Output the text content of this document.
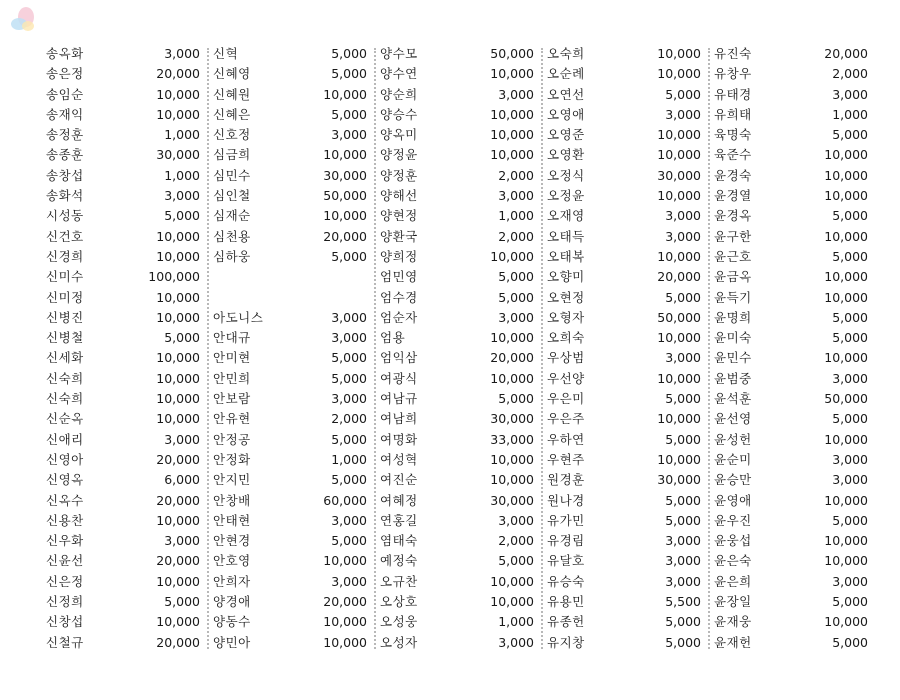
송옥화	3,000
송은정	20,000
송임순	10,000
송재익	10,000
송정훈	1,000
송종훈	30,000
송창섭	1,000
송화석	3,000
시성동	5,000
신건호	10,000
신경희	10,000
신미수	100,000
신미정	10,000
신병진	10,000
신병철	5,000
신세화	10,000
신숙희	10,000
신숙희	10,000
신순옥	10,000
신애리	3,000
신영아	20,000
신영옥	6,000
신옥수	20,000
신용찬	10,000
신우화	3,000
신윤선	20,000
신은정	10,000
신정희	5,000
신창섭	10,000
신철규	20,000
신혁	5,000
신혜영	5,000
신혜원	10,000
신혜은	5,000
신호정	3,000
심금희	10,000
심민수	30,000
심인철	50,000
심재순	10,000
심천용	20,000
심하웅	5,000
아도니스	3,000
안대규	3,000
안미현	5,000
안민희	5,000
안보람	3,000
안유현	2,000
안정공	5,000
안정화	1,000
안지민	5,000
안창배	60,000
안태현	3,000
안현경	5,000
안호영	10,000
안희자	3,000
양경애	20,000
양동수	10,000
양민아	10,000
양수모	50,000
양수연	10,000
양순희	3,000
양승수	10,000
양옥미	10,000
양정윤	10,000
양정훈	2,000
양해선	3,000
양현정	1,000
양환국	2,000
양희정	10,000
엄민영	5,000
엄수경	5,000
엄순자	3,000
엄용	10,000
엄익삼	20,000
여광식	10,000
여남규	5,000
여남희	30,000
여명화	33,000
여성혁	10,000
여진순	10,000
여혜정	30,000
연홍길	3,000
염태숙	2,000
예정숙	5,000
오규찬	10,000
오상호	10,000
오성웅	1,000
오성자	3,000
오숙희	10,000
오순례	10,000
오연선	5,000
오영애	3,000
오영준	10,000
오영환	10,000
오정식	30,000
오정윤	10,000
오재영	3,000
오태득	3,000
오태복	10,000
오향미	20,000
오현정	5,000
오형자	50,000
오희숙	10,000
우상범	3,000
우선양	10,000
우은미	5,000
우은주	10,000
우하연	5,000
우현주	10,000
원경훈	30,000
원나경	5,000
유가민	5,000
유경림	3,000
유달호	3,000
유승숙	3,000
유용민	5,500
유종헌	5,000
유지창	5,000
유진숙	20,000
유창우	2,000
유태경	3,000
유희태	1,000
육명숙	5,000
육준수	10,000
윤경숙	10,000
윤경열	10,000
윤경옥	5,000
윤구한	10,000
윤근호	5,000
윤금옥	10,000
윤득기	10,000
윤명희	5,000
윤미숙	5,000
윤민수	10,000
윤범중	3,000
윤석훈	50,000
윤선영	5,000
윤성헌	10,000
윤순미	3,000
윤승만	3,000
윤영애	10,000
윤우진	5,000
윤웅섭	10,000
윤은숙	10,000
윤은희	3,000
윤장일	5,000
윤재웅	10,000
윤재헌	5,000
